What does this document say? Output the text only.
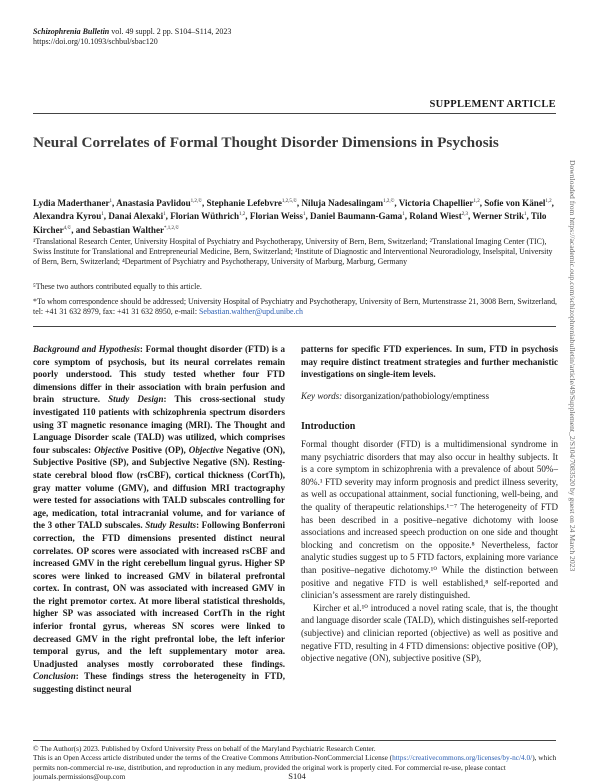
Schizophrenia Bulletin vol. 49 suppl. 2 pp. S104–S114, 2023
https://doi.org/10.1093/schbul/sbac120
SUPPLEMENT ARTICLE
Neural Correlates of Formal Thought Disorder Dimensions in Psychosis
Lydia Maderthaner$^1$, Anastasia Pavlidou$^{1,2,©}$, Stephanie Lefebvre$^{1,2,5,©}$, Niluja Nadesalingam$^{1,2,©}$, Victoria Chapellier$^{1,2}$, Sofie von Känel$^{1,2}$, Alexandra Kyrou$^1$, Danai Alexaki$^1$, Florian Wüthrich$^{1,2}$, Florian Weiss$^1$, Daniel Baumann-Gama$^1$, Roland Wiest$^{2,3}$, Werner Strik$^1$, Tilo Kircher$^{4,©}$, and Sebastian Walther$^{*,1,2,©}$
¹Translational Research Center, University Hospital of Psychiatry and Psychotherapy, University of Bern, Bern, Switzerland; ²Translational Imaging Center (TIC), Swiss Institute for Translational and Entrepreneurial Medicine, Bern, Switzerland; ³Institute of Diagnostic and Interventional Neuroradiology, Inselspital, University of Bern, Bern, Switzerland; ⁴Department of Psychiatry and Psychotherapy, University of Marburg, Marburg, Germany
⁵These two authors contributed equally to this article.
*To whom correspondence should be addressed; University Hospital of Psychiatry and Psychotherapy, University of Bern, Murtenstrasse 21, 3008 Bern, Switzerland, tel: +41 31 632 8979, fax: +41 31 632 8950, e-mail: Sebastian.walther@upd.unibe.ch

Background and Hypothesis: Formal thought disorder (FTD) is a core symptom of psychosis, but its neural correlates remain poorly understood. This study tested whether four FTD dimensions differ in their association with brain perfusion and brain structure. Study Design: This cross-sectional study investigated 110 patients with schizophrenia spectrum disorders using 3T magnetic resonance imaging (MRI). The Thought and Language Disorder scale (TALD) was utilized, which comprises four subscales: Objective Positive (OP), Objective Negative (ON), Subjective Positive (SP), and Subjective Negative (SN). Resting-state cerebral blood flow (rsCBF), cortical thickness (CortTh), gray matter volume (GMV), and diffusion MRI tractography were tested for associations with TALD subscales controlling for age, medication, total intracranial volume, and for variance of the 3 other TALD subscales. Study Results: Following Bonferroni correction, the FTD dimensions presented distinct neural correlates. OP scores were associated with increased rsCBF and increased GMV in the right cerebellum lingual gyrus. Higher SP scores were linked to increased GMV in bilateral prefrontal cortex. In contrast, ON was associated with increased GMV in the right premotor cortex. At more liberal statistical thresholds, higher SP was associated with increased CortTh in the right inferior frontal gyrus, whereas SN scores were linked to decreased GMV in the right prefrontal lobe, the left inferior temporal gyrus, and the left supplementary motor area. Unadjusted analyses mostly corroborated these findings. Conclusion: These findings stress the heterogeneity in FTD, suggesting distinct neural

patterns for specific FTD experiences. In sum, FTD in psychosis may require distinct treatment strategies and further mechanistic investigations on single-item levels.
Key words: disorganization/pathobiology/emptiness
Introduction

Formal thought disorder (FTD) is a multidimensional syndrome in many psychiatric disorders that may also occur in healthy subjects. It is a core symptom in schizophrenia with a prevalence of about 50%–80%.¹ FTD severity may inform prognosis and predict illness severity, as well as occupational attainment, social functioning, well-being, and the quality of therapeutic relationships.¹⁻⁷ The heterogeneity of FTD has been described in a positive–negative dichotomy with loose associations and increased speech production on one side and thought blocking and concretism on the opposite.⁸ Nevertheless, factor analytic studies suggest up to 5 FTD factors, explaining more variance than positive–negative dichotomy.¹⁰ While the distinction between positive and negative FTD is well established,⁸ self-reported and clinician’s assessment are rarely distinguished.

Kircher et al.¹⁰ introduced a novel rating scale, that is, the thought and language disorder scale (TALD), which distinguishes self-reported (subjective) and clinician reported (objective) as well as positive and negative FTD, resulting in 4 FTD dimensions: objective positive (OP), objective negative (ON), subjective positive (SP),

© The Author(s) 2023. Published by Oxford University Press on behalf of the Maryland Psychiatric Research Center.
This is an Open Access article distributed under the terms of the Creative Commons Attribution-NonCommercial License (https://creativecommons.org/licenses/by-nc/4.0/), which permits non-commercial re-use, distribution, and reproduction in any medium, provided the original work is properly cited. For commercial re-use, please contact journals.permissions@oup.com	S104
Downloaded from https://academic.oup.com/schizophreniabulletin/article/49/Supplement_2/S104/7083520 by guest on 24 March 2023
